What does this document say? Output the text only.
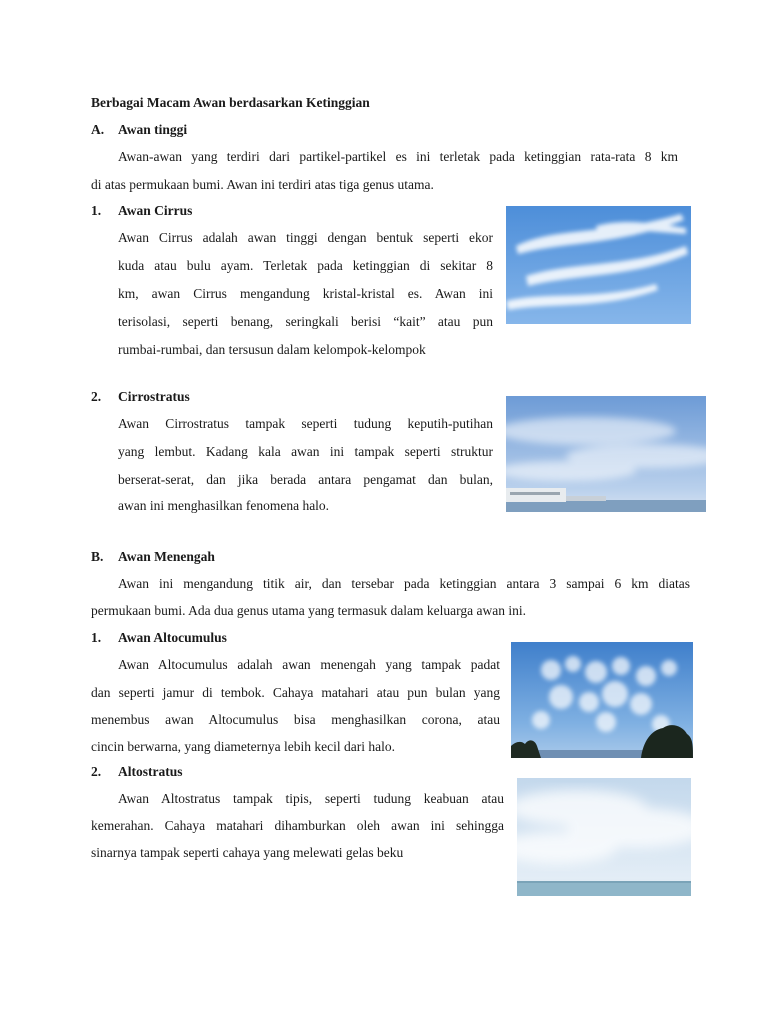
Berbagai Macam Awan berdasarkan Ketinggian
A. Awan tinggi
Awan-awan yang terdiri dari partikel-partikel es ini terletak pada ketinggian rata-rata 8 km
di atas permukaan bumi. Awan ini terdiri atas tiga genus utama.
1. Awan Cirrus
Awan Cirrus adalah awan tinggi dengan bentuk seperti ekor
kuda atau bulu ayam. Terletak pada ketinggian di sekitar 8
km, awan Cirrus mengandung kristal-kristal es. Awan ini
terisolasi, seperti benang, seringkali berisi “kait” atau pun
rumbai-rumbai, dan tersusun dalam kelompok-kelompok
2. Cirrostratus
Awan Cirrostratus tampak seperti tudung keputih-putihan
yang lembut. Kadang kala awan ini tampak seperti struktur
berserat-serat, dan jika berada antara pengamat dan bulan,
awan ini menghasilkan fenomena halo.
B. Awan Menengah
Awan ini mengandung titik air, dan tersebar pada ketinggian antara 3 sampai 6 km diatas
permukaan bumi. Ada dua genus utama yang termasuk dalam keluarga awan ini.
1. Awan Altocumulus
Awan Altocumulus adalah awan menengah yang tampak padat
dan seperti jamur di tembok. Cahaya matahari atau pun bulan yang
menembus awan Altocumulus bisa menghasilkan corona, atau
cincin berwarna, yang diameternya lebih kecil dari halo.
2. Altostratus
Awan Altostratus tampak tipis, seperti tudung keabuan atau
kemerahan. Cahaya matahari dihamburkan oleh awan ini sehingga
sinarnya tampak seperti cahaya yang melewati gelas beku
